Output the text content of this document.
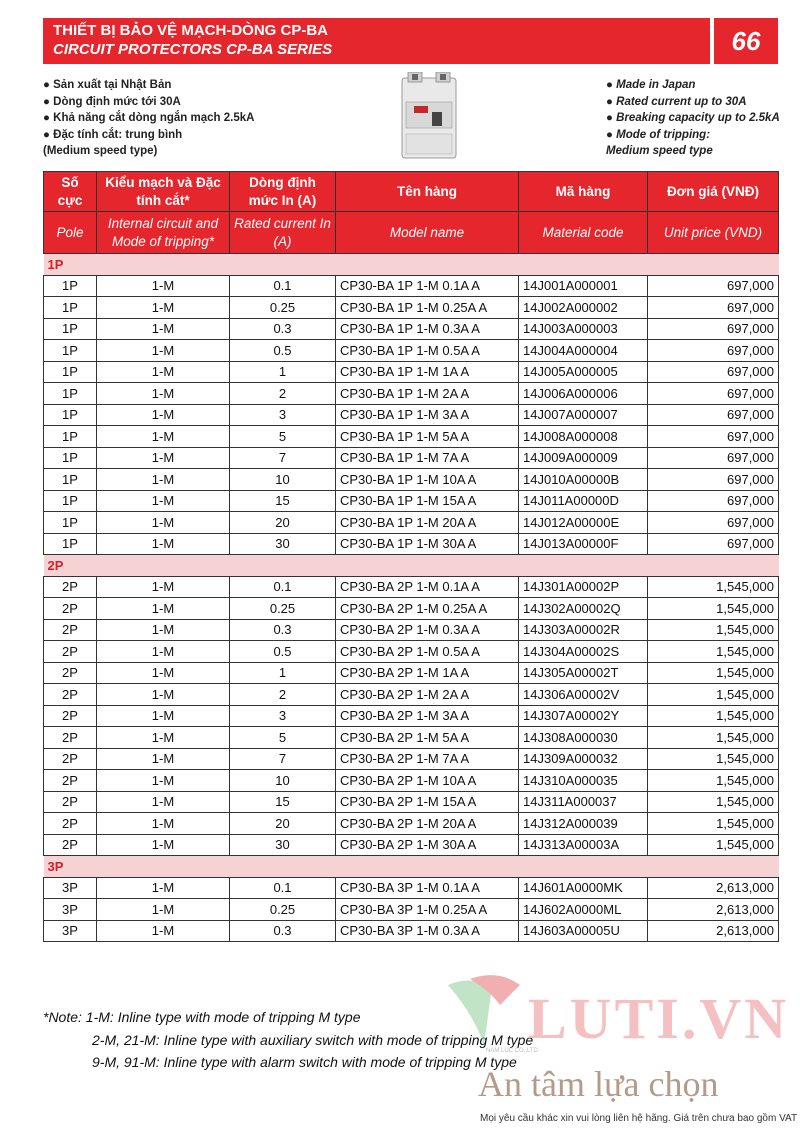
THIẾT BỊ BẢO VỆ MẠCH-DÒNG CP-BA
CIRCUIT PROTECTORS CP-BA SERIES	66
● Sản xuất tại Nhật Bản
● Dòng định mức tới 30A
● Khả năng cắt dòng ngắn mạch 2.5kA
● Đặc tính cắt: trung bình
(Medium speed type)
● Made in Japan
● Rated current up to 30A
● Breaking capacity up to 2.5kA
● Mode of tripping:
Medium speed type
Số cực	Kiểu mạch và Đặc tính cắt*	Dòng định mức In (A)	Tên hàng	Mã hàng	Đơn giá (VNĐ)
Pole	Internal circuit and Mode of tripping*	Rated current In (A)	Model name	Material code	Unit price (VND)
1P					
1P	1-M	0.1	CP30-BA 1P 1-M 0.1A A	14J001A000001	697,000
1P	1-M	0.25	CP30-BA 1P 1-M 0.25A A	14J002A000002	697,000
1P	1-M	0.3	CP30-BA 1P 1-M 0.3A A	14J003A000003	697,000
1P	1-M	0.5	CP30-BA 1P 1-M 0.5A A	14J004A000004	697,000
1P	1-M	1	CP30-BA 1P 1-M 1A A	14J005A000005	697,000
1P	1-M	2	CP30-BA 1P 1-M 2A A	14J006A000006	697,000
1P	1-M	3	CP30-BA 1P 1-M 3A A	14J007A000007	697,000
1P	1-M	5	CP30-BA 1P 1-M 5A A	14J008A000008	697,000
1P	1-M	7	CP30-BA 1P 1-M 7A A	14J009A000009	697,000
1P	1-M	10	CP30-BA 1P 1-M 10A A	14J010A00000B	697,000
1P	1-M	15	CP30-BA 1P 1-M 15A A	14J011A00000D	697,000
1P	1-M	20	CP30-BA 1P 1-M 20A A	14J012A00000E	697,000
1P	1-M	30	CP30-BA 1P 1-M 30A A	14J013A00000F	697,000
2P					
2P	1-M	0.1	CP30-BA 2P 1-M 0.1A A	14J301A00002P	1,545,000
2P	1-M	0.25	CP30-BA 2P 1-M 0.25A A	14J302A00002Q	1,545,000
2P	1-M	0.3	CP30-BA 2P 1-M 0.3A A	14J303A00002R	1,545,000
2P	1-M	0.5	CP30-BA 2P 1-M 0.5A A	14J304A00002S	1,545,000
2P	1-M	1	CP30-BA 2P 1-M 1A A	14J305A00002T	1,545,000
2P	1-M	2	CP30-BA 2P 1-M 2A A	14J306A00002V	1,545,000
2P	1-M	3	CP30-BA 2P 1-M 3A A	14J307A00002Y	1,545,000
2P	1-M	5	CP30-BA 2P 1-M 5A A	14J308A000030	1,545,000
2P	1-M	7	CP30-BA 2P 1-M 7A A	14J309A000032	1,545,000
2P	1-M	10	CP30-BA 2P 1-M 10A A	14J310A000035	1,545,000
2P	1-M	15	CP30-BA 2P 1-M 15A A	14J311A000037	1,545,000
2P	1-M	20	CP30-BA 2P 1-M 20A A	14J312A000039	1,545,000
2P	1-M	30	CP30-BA 2P 1-M 30A A	14J313A00003A	1,545,000
3P					
3P	1-M	0.1	CP30-BA 3P 1-M 0.1A A	14J601A0000MK	2,613,000
3P	1-M	0.25	CP30-BA 3P 1-M 0.25A A	14J602A0000ML	2,613,000
3P	1-M	0.3	CP30-BA 3P 1-M 0.3A A	14J603A00005U	2,613,000
*Note: 1-M: Inline type with mode of tripping M type
2-M, 21-M: Inline type with auxiliary switch with mode of tripping M type
9-M, 91-M: Inline type with alarm switch with mode of tripping M type
LUTI.VN
NAM LUC CO.,LTD
An tâm lựa chọn
Mọi yêu cầu khác xin vui lòng liên hệ hãng. Giá trên chưa bao gồm VAT
